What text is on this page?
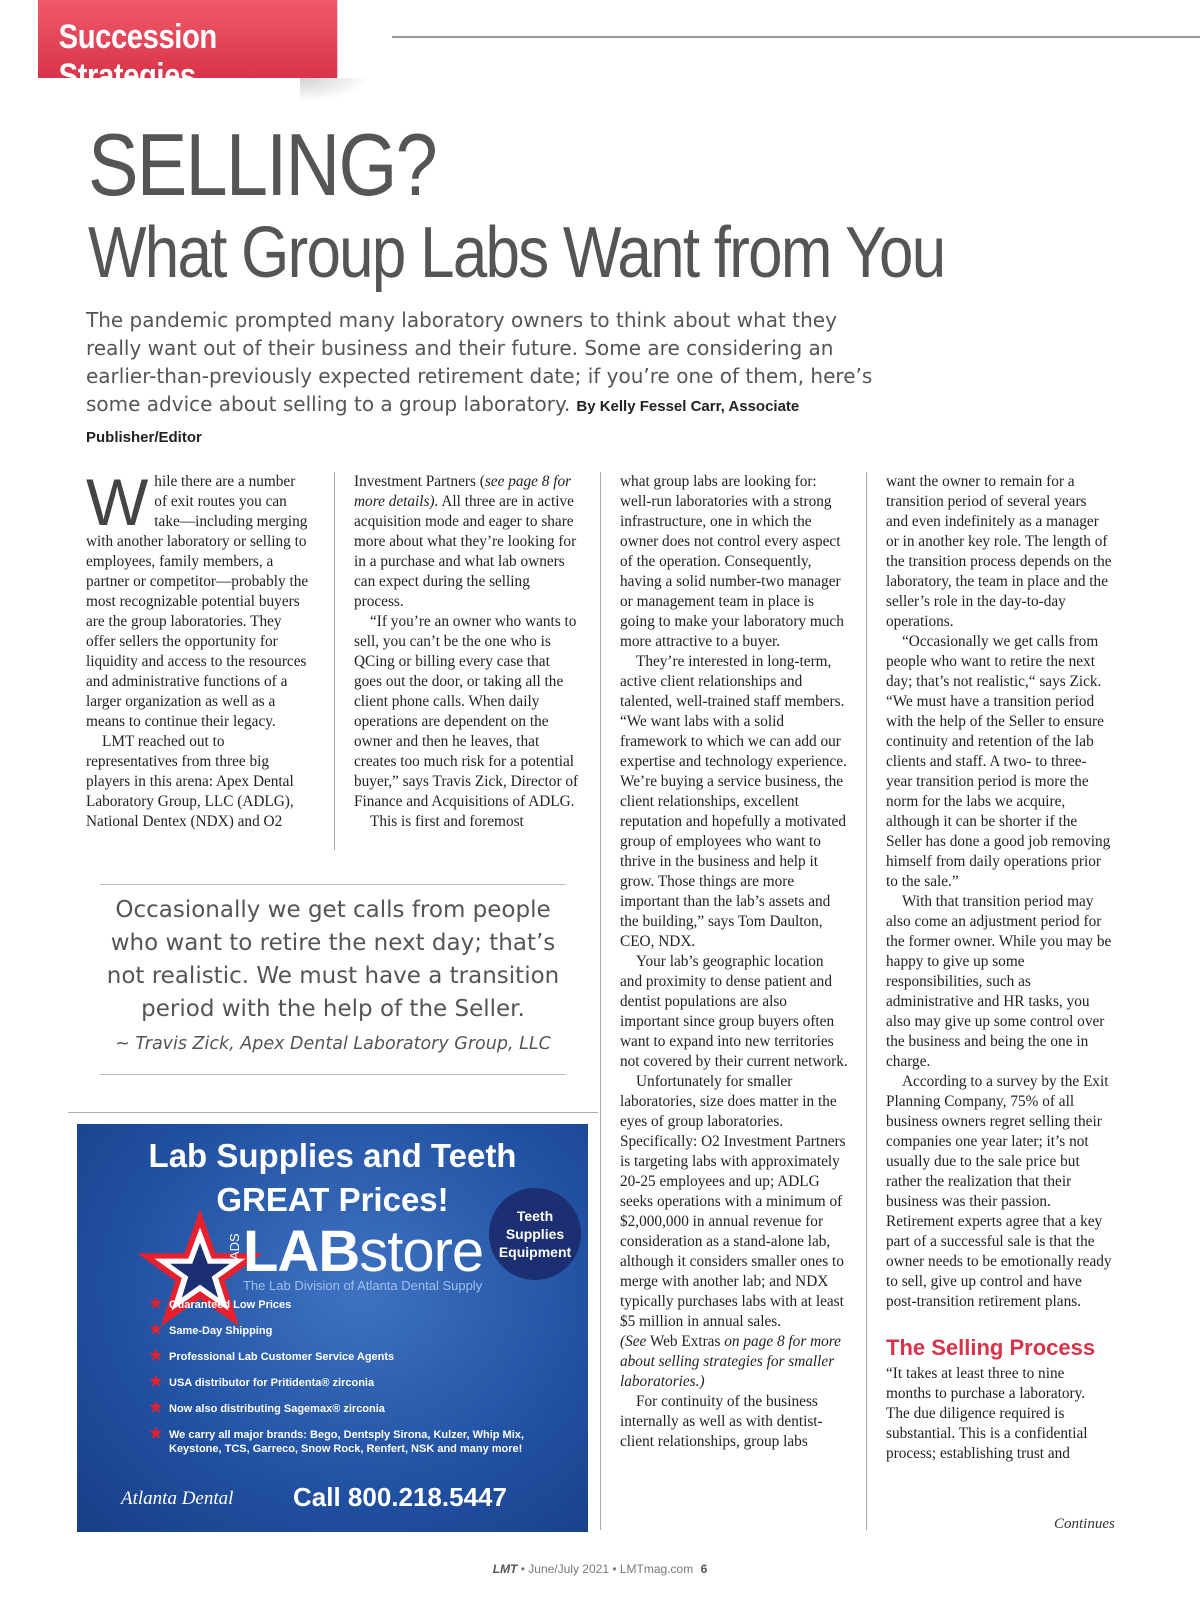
Succession Strategies
SELLING?
What Group Labs Want from You
The pandemic prompted many laboratory owners to think about what they really want out of their business and their future. Some are considering an earlier-than-previously expected retirement date; if you’re one of them, here’s some advice about selling to a group laboratory. By Kelly Fessel Carr, Associate Publisher/Editor

While there are a number of exit routes you can take—including merging with another laboratory or selling to employees, family members, a partner or competitor—probably the most recognizable potential buyers are the group laboratories. They offer sellers the opportunity for liquidity and access to the resources and administrative functions of a larger organization as well as a means to continue their legacy.

LMT reached out to representatives from three big players in this arena: Apex Dental Laboratory Group, LLC (ADLG), National Dentex (NDX) and O2

Investment Partners (see page 8 for more details). All three are in active acquisition mode and eager to share more about what they’re looking for in a purchase and what lab owners can expect during the selling process.

“If you’re an owner who wants to sell, you can’t be the one who is QCing or billing every case that goes out the door, or taking all the client phone calls. When daily operations are dependent on the owner and then he leaves, that creates too much risk for a potential buyer,” says Travis Zick, Director of Finance and Acquisitions of ADLG.

This is first and foremost

what group labs are looking for: well-run laboratories with a strong infrastructure, one in which the owner does not control every aspect of the operation. Consequently, having a solid number-two manager or management team in place is going to make your laboratory much more attractive to a buyer.

They’re interested in long-term, active client relationships and talented, well-trained staff members. “We want labs with a solid framework to which we can add our expertise and technology experience. We’re buying a service business, the client relationships, excellent reputation and hopefully a motivated group of employees who want to thrive in the business and help it grow. Those things are more important than the lab’s assets and the building,” says Tom Daulton, CEO, NDX.

Your lab’s geographic location and proximity to dense patient and dentist populations are also important since group buyers often want to expand into new territories not covered by their current network.

Unfortunately for smaller laboratories, size does matter in the eyes of group laboratories. Specifically: O2 Investment Partners is targeting labs with approximately 20-25 employees and up; ADLG seeks operations with a minimum of $2,000,000 in annual revenue for consideration as a stand-alone lab, although it considers smaller ones to merge with another lab; and NDX typically purchases labs with at least $5 million in annual sales.

(See Web Extras on page 8 for more about selling strategies for smaller laboratories.)

For continuity of the business internally as well as with dentist-client relationships, group labs

want the owner to remain for a transition period of several years and even indefinitely as a manager or in another key role. The length of the transition process depends on the laboratory, the team in place and the seller’s role in the day-to-day operations.

“Occasionally we get calls from people who want to retire the next day; that’s not realistic,“ says Zick. “We must have a transition period with the help of the Seller to ensure continuity and retention of the lab clients and staff. A two- to three-year transition period is more the norm for the labs we acquire, although it can be shorter if the Seller has done a good job removing himself from daily operations prior to the sale.”

With that transition period may also come an adjustment period for the former owner. While you may be happy to give up some responsibilities, such as administrative and HR tasks, you also may give up some control over the business and being the one in charge.

According to a survey by the Exit Planning Company, 75% of all business owners regret selling their companies one year later; it’s not usually due to the sale price but rather the realization that their business was their passion. Retirement experts agree that a key part of a successful sale is that the owner needs to be emotionally ready to sell, give up control and have post-transition retirement plans.

The Selling Process

“It takes at least three to nine months to purchase a laboratory. The due diligence required is substantial. This is a confidential process; establishing trust and

Continues
Occasionally we get calls from people who want to retire the next day; that’s not realistic. We must have a transition period with the help of the Seller.
~ Travis Zick, Apex Dental Laboratory Group, LLC
Lab Supplies and Teeth
GREAT Prices!
ADS LABstore
The Lab Division of Atlanta Dental Supply
Teeth
Supplies
Equipment
★ Guaranteed Low Prices
★ Same-Day Shipping
★ Professional Lab Customer Service Agents
★ USA distributor for Pritidenta® zirconia
★ Now also distributing Sagemax® zirconia
★ We carry all major brands: Bego, Dentsply Sirona, Kulzer, Whip Mix, Keystone, TCS, Garreco, Snow Rock, Renfert, NSK and many more!
Atlanta Dental Call 800.218.5447
LMT • June/July 2021 • LMTmag.com 6
